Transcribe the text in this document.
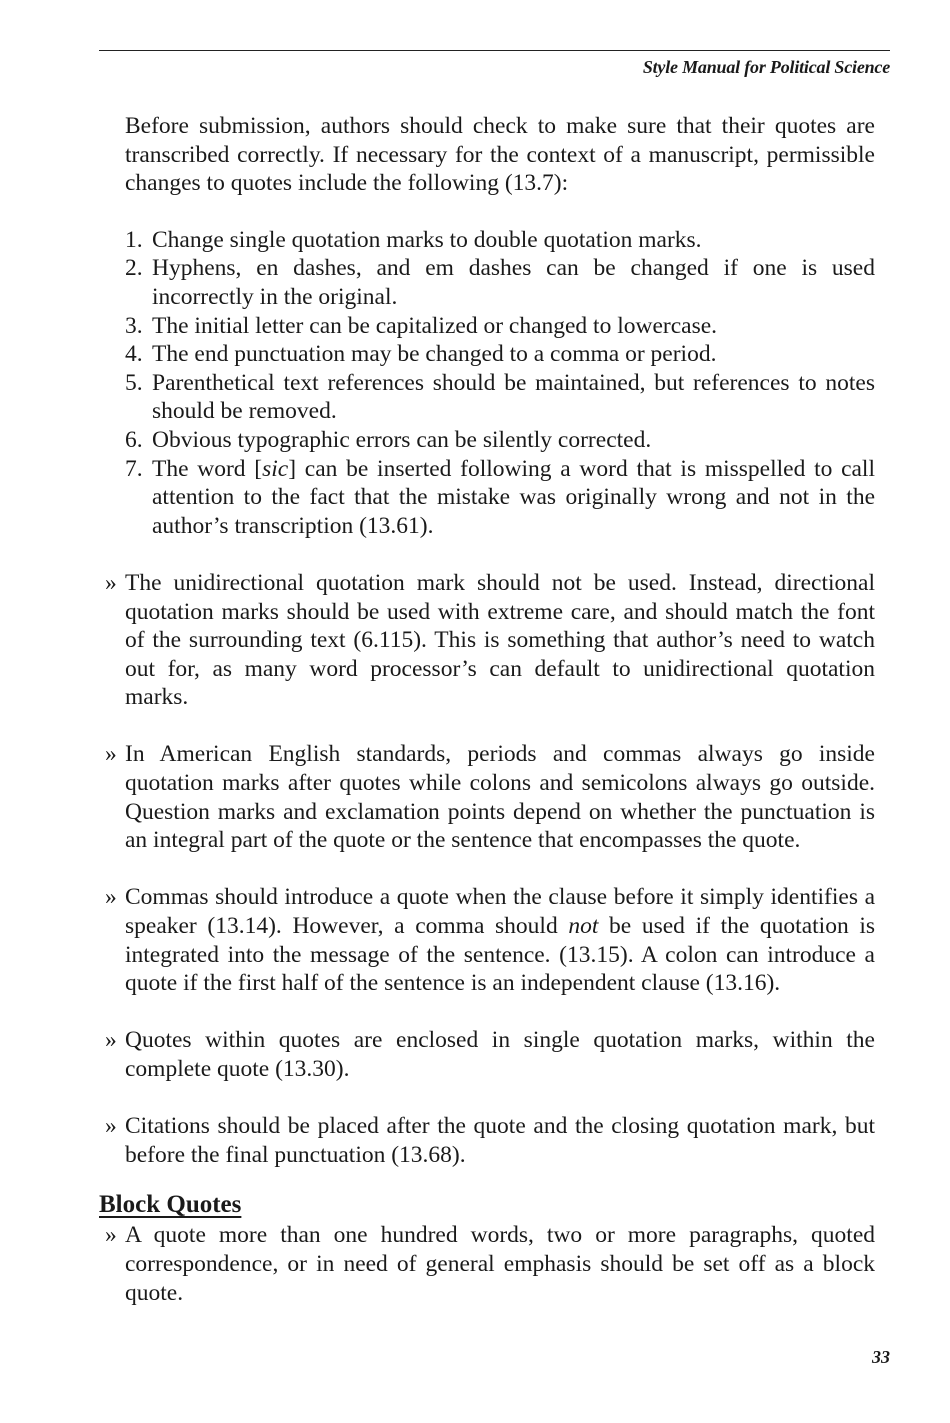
Style Manual for Political Science

Before submission, authors should check to make sure that their quotes are transcribed correctly. If necessary for the context of a manuscript, permissible changes to quotes include the following (13.7):

1. Change single quotation marks to double quotation marks.
2. Hyphens, en dashes, and em dashes can be changed if one is used incorrectly in the original.
3. The initial letter can be capitalized or changed to lowercase.
4. The end punctuation may be changed to a comma or period.
5. Parenthetical text references should be maintained, but references to notes should be removed.
6. Obvious typographic errors can be silently corrected.
7. The word [sic] can be inserted following a word that is misspelled to call attention to the fact that the mistake was originally wrong and not in the author’s transcription (13.61).
» The unidirectional quotation mark should not be used. Instead, directional quotation marks should be used with extreme care, and should match the font of the surrounding text (6.115). This is something that author’s need to watch out for, as many word processor’s can default to unidirectional quotation marks.
» In American English standards, periods and commas always go inside quotation marks after quotes while colons and semicolons always go outside. Question marks and exclamation points depend on whether the punctuation is an integral part of the quote or the sentence that encompasses the quote.
» Commas should introduce a quote when the clause before it simply identifies a speaker (13.14). However, a comma should not be used if the quotation is integrated into the message of the sentence. (13.15). A colon can introduce a quote if the first half of the sentence is an independent clause (13.16).
» Quotes within quotes are enclosed in single quotation marks, within the complete quote (13.30).
» Citations should be placed after the quote and the closing quotation mark, but before the final punctuation (13.68).
Block Quotes
» A quote more than one hundred words, two or more paragraphs, quoted correspondence, or in need of general emphasis should be set off as a block quote.
33
